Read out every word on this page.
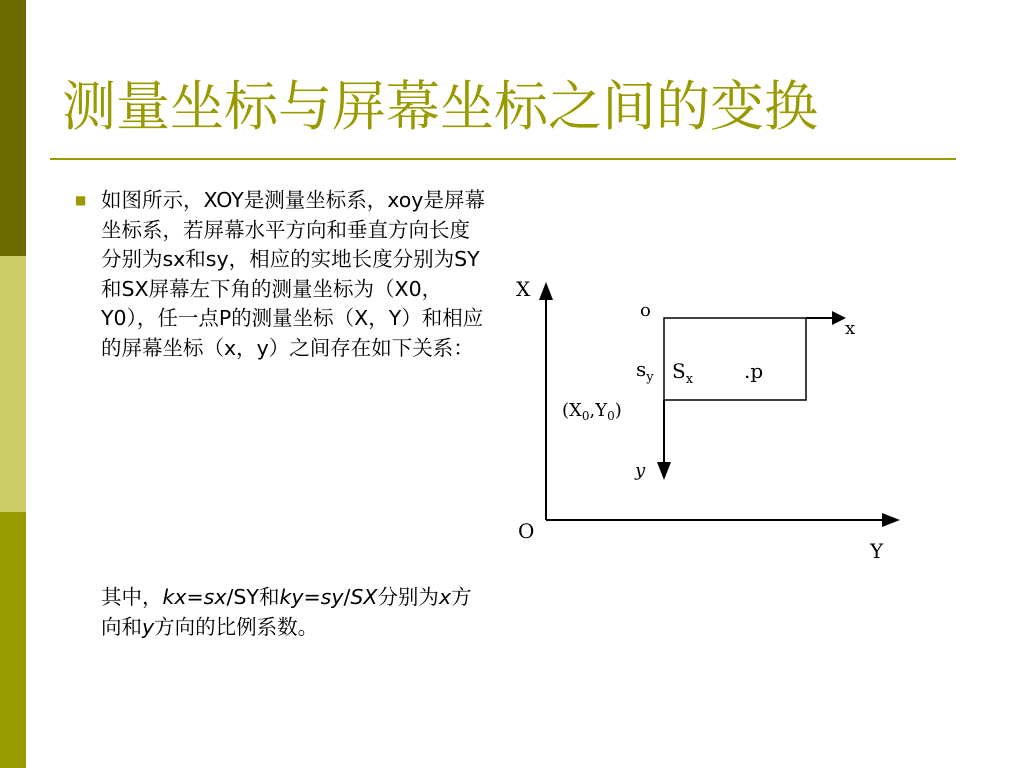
测量坐标与屏幕坐标之间的变换
■ 如图所示，XOY是测量坐标系，xoy是屏幕坐标系，若屏幕水平方向和垂直方向长度分别为sx和sy，相应的实地长度分别为SY和SX屏幕左下角的测量坐标为（X0，Y0），任一点P的测量坐标（X，Y）和相应的屏幕坐标（x，y）之间存在如下关系：
其中，kx=sx/SY和ky=sy/SX分别为x方向和y方向的比例系数。
X
O
Y
o
x
y
$s_y$ $S_x$	.p
$(X_0,Y_0)$
